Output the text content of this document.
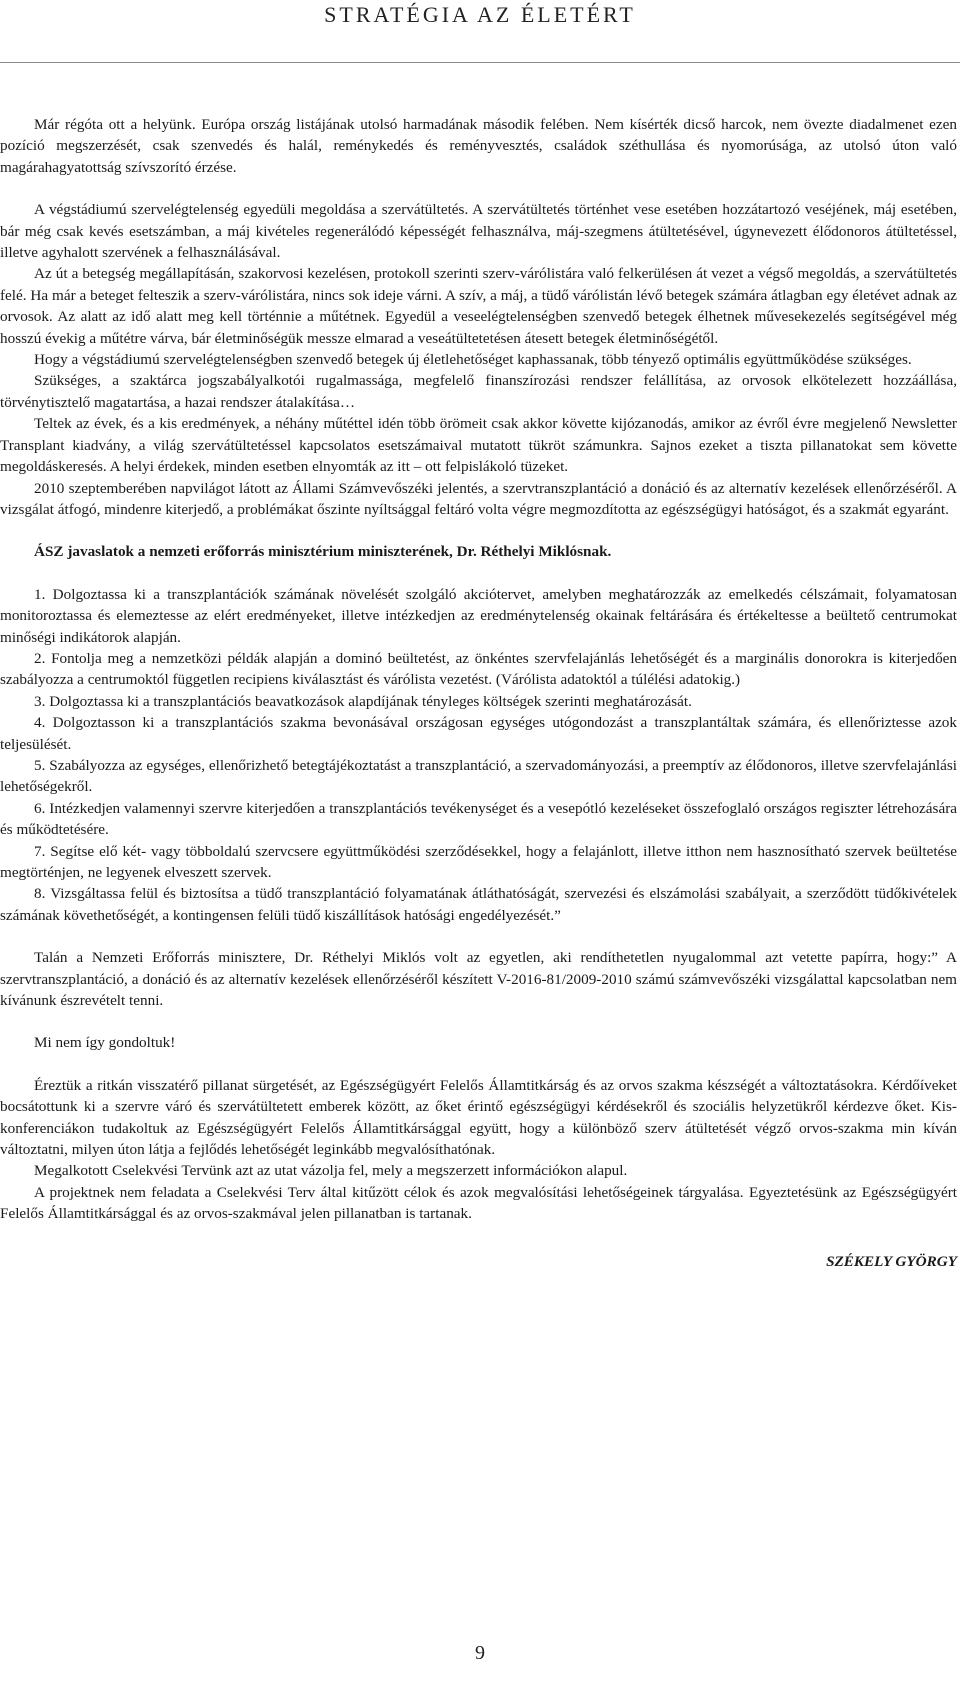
STRATÉGIA AZ ÉLETÉRT

Már régóta ott a helyünk. Európa ország listájának utolsó harmadának második felében. Nem kísérték dicső harcok, nem övezte diadalmenet ezen pozíció megszerzését, csak szenvedés és halál, reménykedés és reményvesztés, családok széthullása és nyomorúsága, az utolsó úton való magárahagyatottság szívszorító érzése.

A végstádiumú szervelégtelenség egyedüli megoldása a szervátültetés. A szervátültetés történhet vese esetében hozzátartozó veséjének, máj esetében, bár még csak kevés esetszámban, a máj kivételes regenerálódó képességét felhasználva, máj-szegmens átültetésével, úgynevezett élődonoros átültetéssel, illetve agyhalott szervének a felhasználásával.

Az út a betegség megállapításán, szakorvosi kezelésen, protokoll szerinti szerv-várólistára való felkerülésen át vezet a végső megoldás, a szervátültetés felé. Ha már a beteget felteszik a szerv-várólistára, nincs sok ideje várni. A szív, a máj, a tüdő várólistán lévő betegek számára átlagban egy életévet adnak az orvosok. Az alatt az idő alatt meg kell történnie a műtétnek. Egyedül a veseelégtelenségben szenvedő betegek élhetnek művesekezelés segítségével még hosszú évekig a műtétre várva, bár életminőségük messze elmarad a veseátültetetésen átesett betegek életminőségétől.

Hogy a végstádiumú szervelégtelenségben szenvedő betegek új életlehetőséget kaphassanak, több tényező optimális együttműködése szükséges.

Szükséges, a szaktárca jogszabályalkotói rugalmassága, megfelelő finanszírozási rendszer felállítása, az orvosok elkötelezett hozzáállása, törvénytisztelő magatartása, a hazai rendszer átalakítása…

Teltek az évek, és a kis eredmények, a néhány műtéttel idén több örömeit csak akkor követte kijózanodás, amikor az évről évre megjelenő Newsletter Transplant kiadvány, a világ szervátültetéssel kapcsolatos esetszámaival mutatott tükröt számunkra. Sajnos ezeket a tiszta pillanatokat sem követte megoldáskeresés. A helyi érdekek, minden esetben elnyomták az itt – ott felpislákoló tüzeket.

2010 szeptemberében napvilágot látott az Állami Számvevőszéki jelentés, a szervtranszplantáció a donáció és az alternatív kezelések ellenőrzéséről. A vizsgálat átfogó, mindenre kiterjedő, a problémákat őszinte nyíltsággal feltáró volta végre megmozdította az egészségügyi hatóságot, és a szakmát egyaránt.

ÁSZ javaslatok a nemzeti erőforrás minisztérium miniszterének, Dr. Réthelyi Miklósnak.

1. Dolgoztassa ki a transzplantációk számának növelését szolgáló akciótervet, amelyben meghatározzák az emelkedés célszámait, folyamatosan monitoroztassa és elemeztesse az elért eredményeket, illetve intézkedjen az eredménytelenség okainak feltárására és értékeltesse a beültető centrumokat minőségi indikátorok alapján.

2. Fontolja meg a nemzetközi példák alapján a dominó beültetést, az önkéntes szervfelajánlás lehetőségét és a marginális donorokra is kiterjedően szabályozza a centrumoktól független recipiens kiválasztást és várólista vezetést. (Várólista adatoktól a túlélési adatokig.)

3. Dolgoztassa ki a transzplantációs beavatkozások alapdíjának tényleges költségek szerinti meghatározását.

4. Dolgoztasson ki a transzplantációs szakma bevonásával országosan egységes utógondozást a transzplantáltak számára, és ellenőriztesse azok teljesülését.

5. Szabályozza az egységes, ellenőrizhető betegtájékoztatást a transzplantáció, a szervadományozási, a preemptív az élődonoros, illetve szervfelajánlási lehetőségekről.

6. Intézkedjen valamennyi szervre kiterjedően a transzplantációs tevékenységet és a vesepótló kezeléseket összefoglaló országos regiszter létrehozására és működtetésére.

7. Segítse elő két- vagy többoldalú szervcsere együttműködési szerződésekkel, hogy a felajánlott, illetve itthon nem hasznosítható szervek beültetése megtörténjen, ne legyenek elveszett szervek.

8. Vizsgáltassa felül és biztosítsa a tüdő transzplantáció folyamatának átláthatóságát, szervezési és elszámolási szabályait, a szerződött tüdőkivételek számának követhetőségét, a kontingensen felüli tüdő kiszállítások hatósági engedélyezését.”

Talán a Nemzeti Erőforrás minisztere, Dr. Réthelyi Miklós volt az egyetlen, aki rendíthetetlen nyugalommal azt vetette papírra, hogy:” A szervtranszplantáció, a donáció és az alternatív kezelések ellenőrzéséről készített V-2016-81/2009-2010 számú számvevőszéki vizsgálattal kapcsolatban nem kívánunk észrevételt tenni.

Mi nem így gondoltuk!

Éreztük a ritkán visszatérő pillanat sürgetését, az Egészségügyért Felelős Államtitkárság és az orvos szakma készségét a változtatásokra. Kérdőíveket bocsátottunk ki a szervre váró és szervátültetett emberek között, az őket érintő egészségügyi kérdésekről és szociális helyzetükről kérdezve őket. Kis-konferenciákon tudakoltuk az Egészségügyért Felelős Államtitkársággal együtt, hogy a különböző szerv átültetését végző orvos-szakma min kíván változtatni, milyen úton látja a fejlődés lehetőségét leginkább megvalósíthatónak.

Megalkotott Cselekvési Tervünk azt az utat vázolja fel, mely a megszerzett információkon alapul.

A projektnek nem feladata a Cselekvési Terv által kitűzött célok és azok megvalósítási lehetőségeinek tárgyalása. Egyeztetésünk az Egészségügyért Felelős Államtitkársággal és az orvos-szakmával jelen pillanatban is tartanak.

SZÉKELY GYÖRGY

9
